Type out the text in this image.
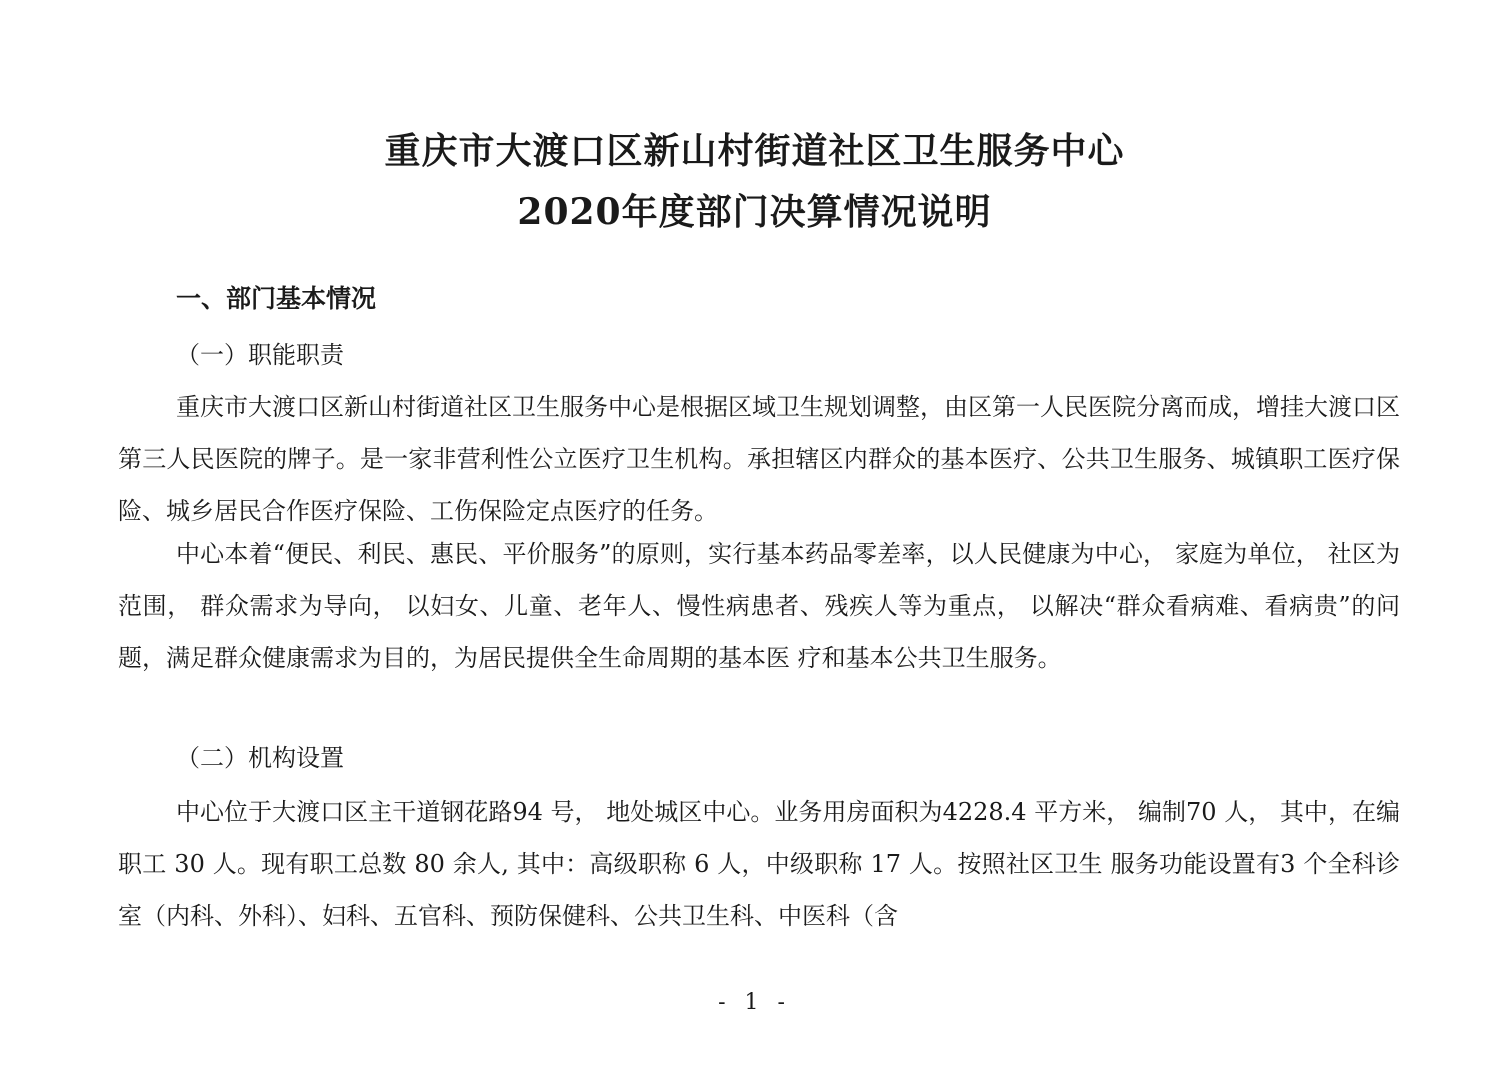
重庆市大渡口区新山村街道社区卫生服务中心
2020年度部门决算情况说明
一、部门基本情况
（一）职能职责

重庆市大渡口区新山村街道社区卫生服务中心是根据区域卫生规划调整，由区第一人民医院分离而成，增挂大渡口区第三人民医院的牌子。是一家非营利性公立医疗卫生机构。承担辖区内群众的基本医疗、公共卫生服务、城镇职工医疗保险、城乡居民合作医疗保险、工伤保险定点医疗的任务。

中心本着“便民、利民、惠民、平价服务”的原则，实行基本药品零差率，以人民健康为中心， 家庭为单位， 社区为范围， 群众需求为导向， 以妇女、儿童、老年人、慢性病患者、残疾人等为重点， 以解决“群众看病难、看病贵”的问题，满足群众健康需求为目的，为居民提供全生命周期的基本医 疗和基本公共卫生服务。

（二）机构设置

中心位于大渡口区主干道钢花路94 号， 地处城区中心。业务用房面积为4228.4 平方米， 编制70 人， 其中，在编职工 30 人。现有职工总数 80 余人, 其中：高级职称 6 人，中级职称 17 人。按照社区卫生 服务功能设置有3 个全科诊室（内科、外科）、妇科、五官科、预防保健科、公共卫生科、中医科（含

- 1 -
